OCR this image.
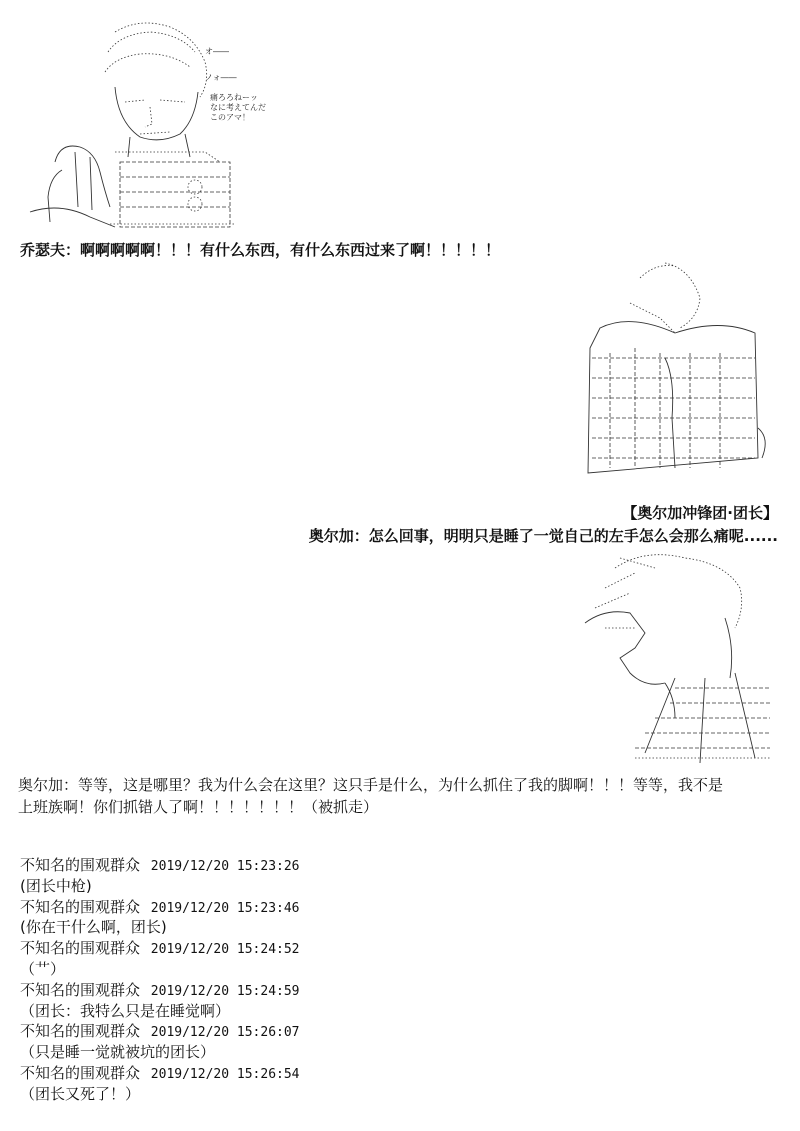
オ――
ノォ――
痛ろろねーッ
なに考えてんだ
このアマ！
乔瑟夫：啊啊啊啊啊！！！有什么东西，有什么东西过来了啊！！！！！
【奥尔加冲锋团·团长】
奥尔加：怎么回事，明明只是睡了一觉自己的左手怎么会那么痛呢......
奥尔加：等等，这是哪里？我为什么会在这里？这只手是什么，为什么抓住了我的脚啊！！！等等，我不是
上班族啊！你们抓错人了啊！！！！！！！（被抓走）
不知名的围观群众 2019/12/20 15:23:26
(团长中枪)
不知名的围观群众 2019/12/20 15:23:46
(你在干什么啊，团长)
不知名的围观群众 2019/12/20 15:24:52
（艹）
不知名的围观群众 2019/12/20 15:24:59
（团长：我特么只是在睡觉啊）
不知名的围观群众 2019/12/20 15:26:07
（只是睡一觉就被坑的团长）
不知名的围观群众 2019/12/20 15:26:54
（团长又死了！）
